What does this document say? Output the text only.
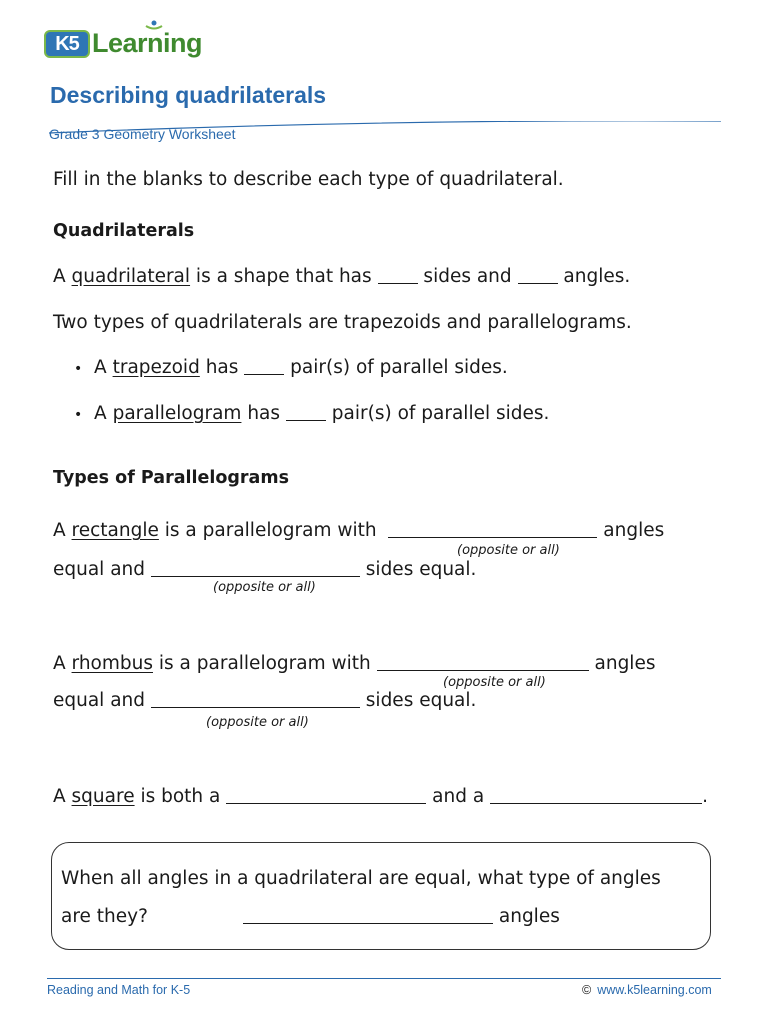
K5 Learning
Describing quadrilaterals
Grade 3 Geometry Worksheet
Fill in the blanks to describe each type of quadrilateral.
Quadrilaterals
A quadrilateral is a shape that has  sides and  angles.
Two types of quadrilaterals are trapezoids and parallelograms.
• A trapezoid has  pair(s) of parallel sides.
• A parallelogram has  pair(s) of parallel sides.
Types of Parallelograms
A rectangle is a parallelogram with	angles
(opposite or all)
equal and	sides equal.
(opposite or all)
A rhombus is a parallelogram with	angles
(opposite or all)
equal and	sides equal.
(opposite or all)
A square is both a	and a	.
When all angles in a quadrilateral are equal, what type of angles
are they?	angles
Reading and Math for K-5	© www.k5learning.com
